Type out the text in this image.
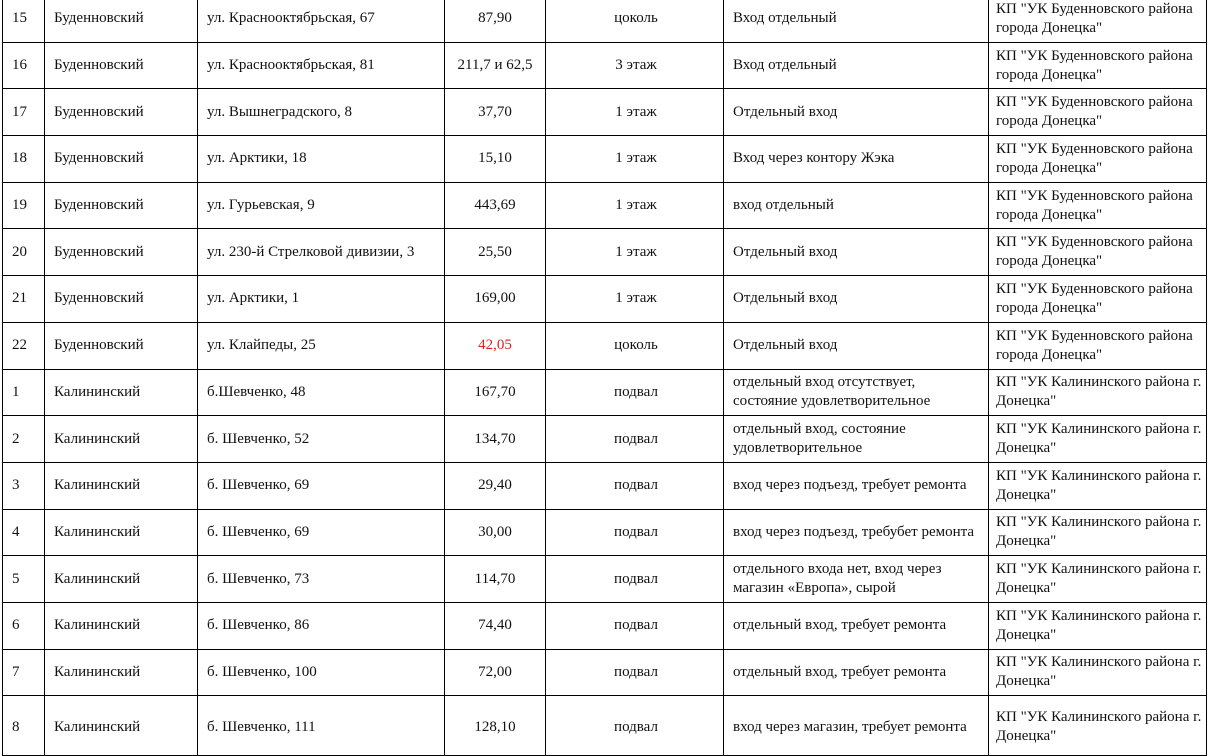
15	Буденновский	ул. Краснооктябрьская, 67	87,90	цоколь	Вход отдельный	КП "УК Буденновского района города Донецка"
16	Буденновский	ул. Краснооктябрьская, 81	211,7 и 62,5	3 этаж	Вход отдельный	КП "УК Буденновского района города Донецка"
17	Буденновский	ул. Вышнеградского, 8	37,70	1 этаж	Отдельный вход	КП "УК Буденновского района города Донецка"
18	Буденновский	ул. Арктики, 18	15,10	1 этаж	Вход через контору Жэка	КП "УК Буденновского района города Донецка"
19	Буденновский	ул. Гурьевская, 9	443,69	1 этаж	вход отдельный	КП "УК Буденновского района города Донецка"
20	Буденновский	ул. 230-й Стрелковой дивизии, 3	25,50	1 этаж	Отдельный вход	КП "УК Буденновского района города Донецка"
21	Буденновский	ул. Арктики, 1	169,00	1 этаж	Отдельный вход	КП "УК Буденновского района города Донецка"
22	Буденновский	ул. Клайпеды, 25	42,05	цоколь	Отдельный вход	КП "УК Буденновского района города Донецка"
1	Калининский	б.Шевченко, 48	167,70	подвал	отдельный вход отсутствует, состояние удовлетворительное	КП "УК Калининского района г. Донецка"
2	Калининский	б. Шевченко, 52	134,70	подвал	отдельный вход, состояние удовлетворительное	КП "УК Калининского района г. Донецка"
3	Калининский	б. Шевченко, 69	29,40	подвал	вход через подъезд, требует ремонта	КП "УК Калининского района г. Донецка"
4	Калининский	б. Шевченко, 69	30,00	подвал	вход через подъезд, требубет ремонта	КП "УК Калининского района г. Донецка"
5	Калининский	б. Шевченко, 73	114,70	подвал	отдельного входа нет, вход через магазин «Европа», сырой	КП "УК Калининского района г. Донецка"
6	Калининский	б. Шевченко, 86	74,40	подвал	отдельный вход, требует ремонта	КП "УК Калининского района г. Донецка"
7	Калининский	б. Шевченко, 100	72,00	подвал	отдельный вход, требует ремонта	КП "УК Калининского района г. Донецка"
8	Калининский	б. Шевченко, 111	128,10	подвал	вход через магазин, требует ремонта	КП "УК Калининского района г. Донецка"
